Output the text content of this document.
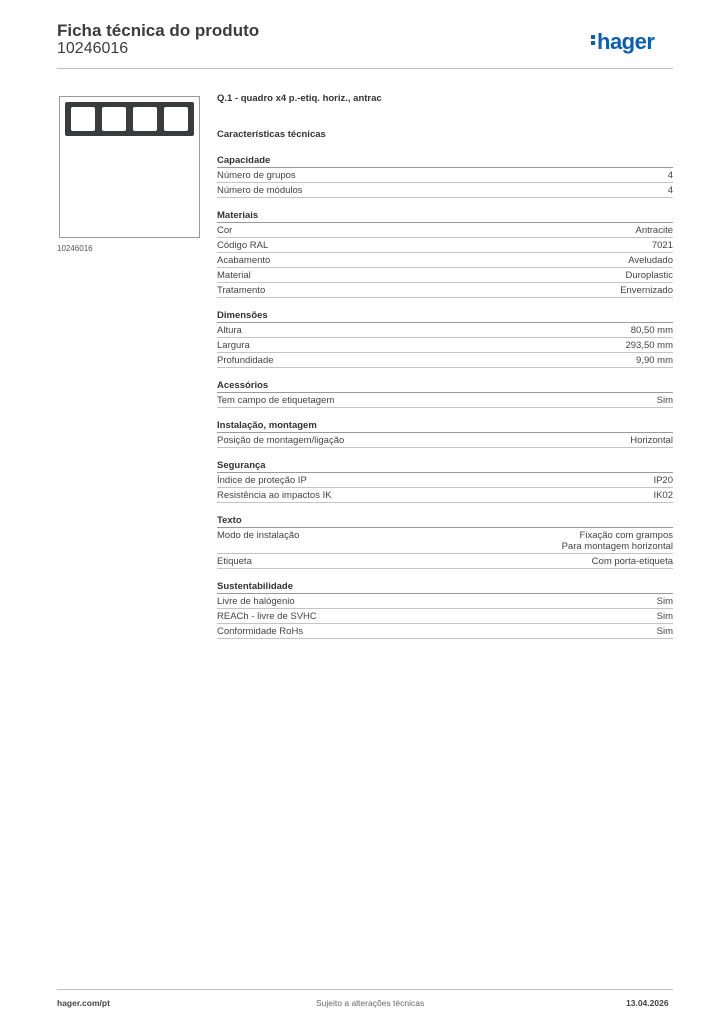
Ficha técnica do produto
10246016	hager
10246016
Q.1 - quadro x4 p.-etiq. horiz., antrac
Características técnicas
Capacidade
Número de grupos	4
Número de módulos	4
Materiais
Cor	Antracite
Código RAL	7021
Acabamento	Aveludado
Material	Duroplastic
Tratamento	Envernizado
Dimensões
Altura	80,50 mm
Largura	293,50 mm
Profundidade	9,90 mm
Acessórios
Tem campo de etiquetagem	Sim
Instalação, montagem
Posição de montagem/ligação	Horizontal
Segurança
Índice de proteção IP	IP20
Resistência ao impactos IK	IK02
Texto
Modo de instalação	Fixação com grampos
Para montagem horizontal
Etiqueta	Com porta-etiqueta
Sustentabilidade
Livre de halógenio	Sim
REACh - livre de SVHC	Sim
Conformidade RoHs	Sim
hager.com/pt	Sujeito a alterações técnicas	13.04.2026
